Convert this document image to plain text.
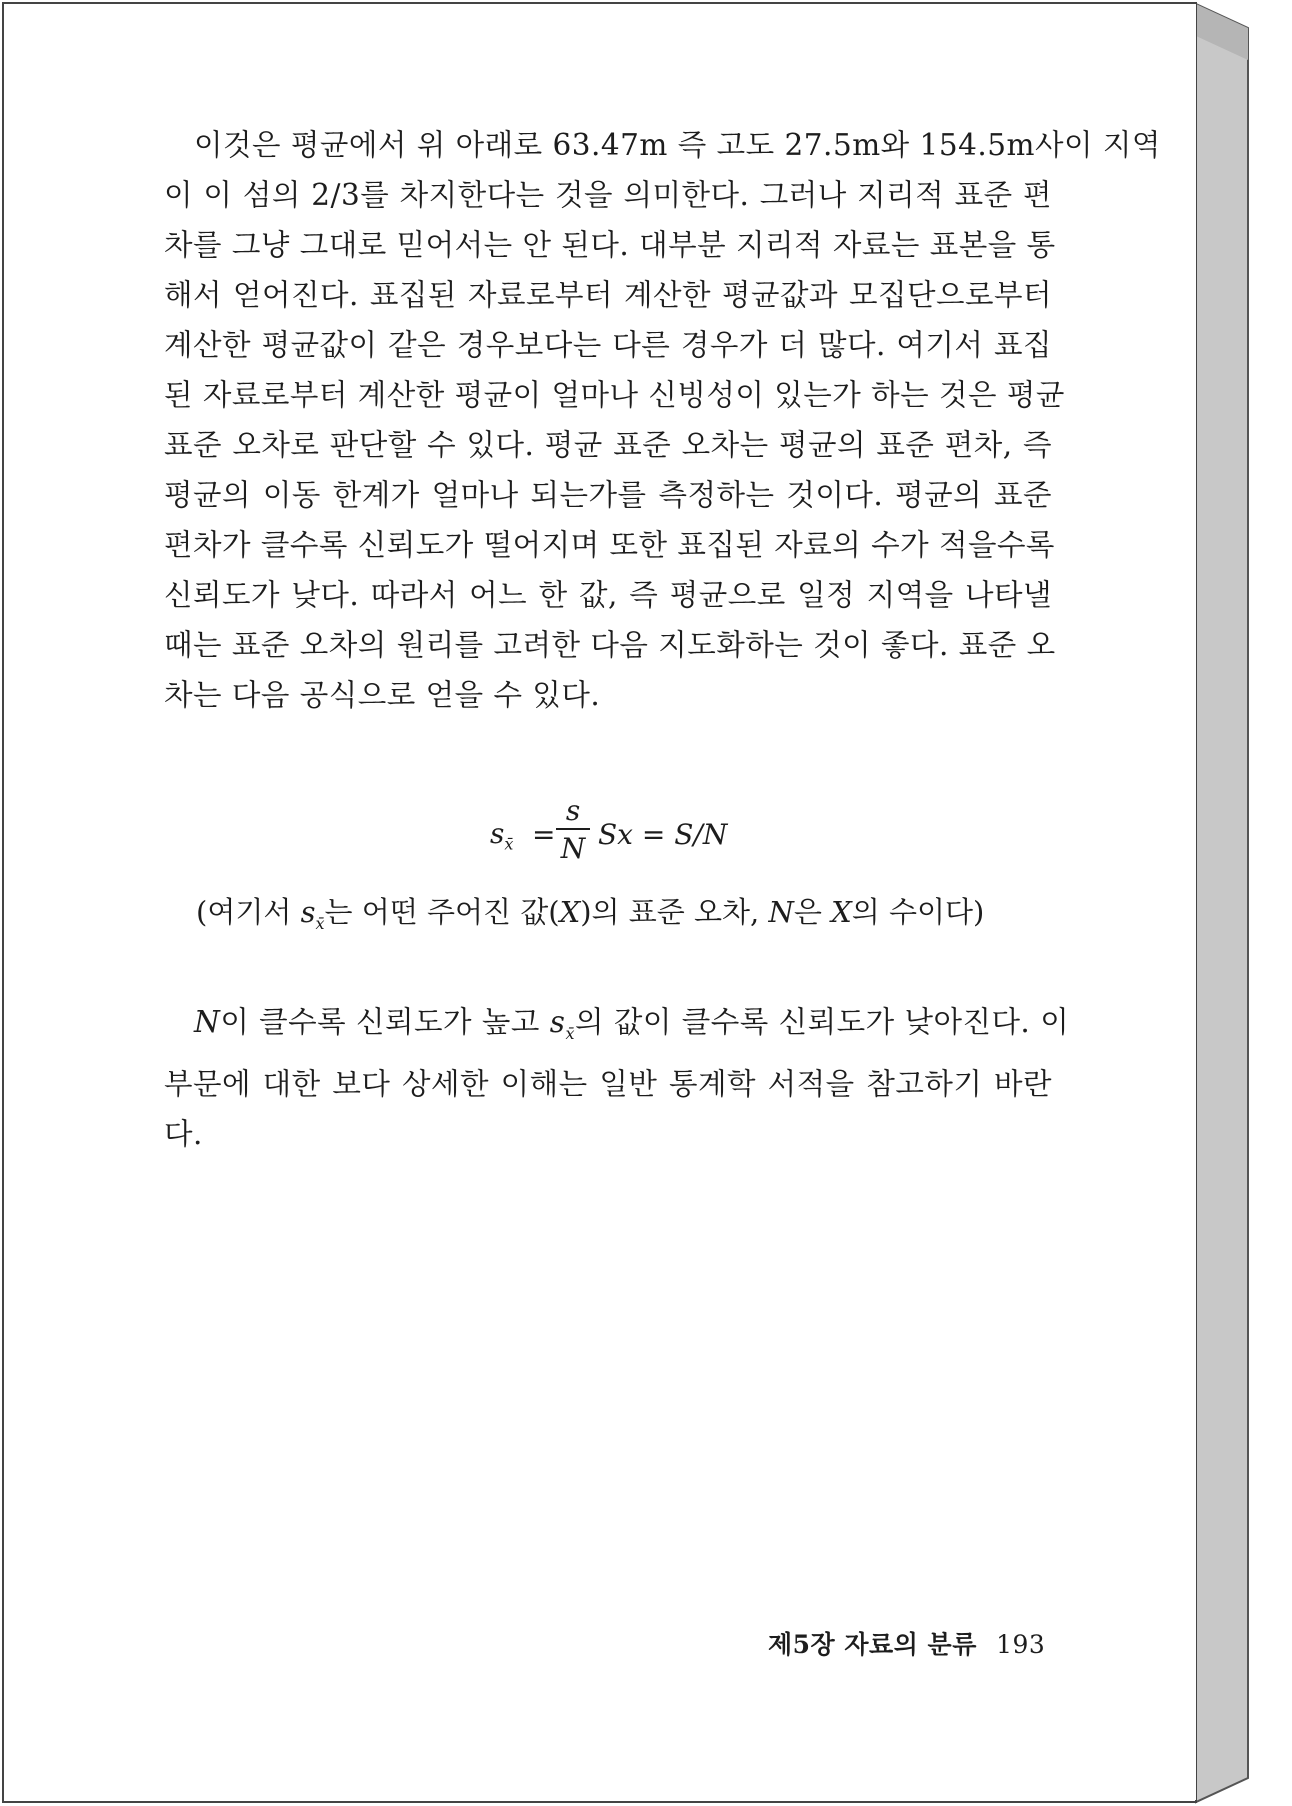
이것은 평균에서 위 아래로 63.47m 즉 고도 27.5m와 154.5m사이 지역
이 이 섬의 2/3를 차지한다는 것을 의미한다. 그러나 지리적 표준 편
차를 그냥 그대로 믿어서는 안 된다. 대부분 지리적 자료는 표본을 통
해서 얻어진다. 표집된 자료로부터 계산한 평균값과 모집단으로부터
계산한 평균값이 같은 경우보다는 다른 경우가 더 많다. 여기서 표집
된 자료로부터 계산한 평균이 얼마나 신빙성이 있는가 하는 것은 평균
표준 오차로 판단할 수 있다. 평균 표준 오차는 평균의 표준 편차, 즉
평균의 이동 한계가 얼마나 되는가를 측정하는 것이다. 평균의 표준
편차가 클수록 신뢰도가 떨어지며 또한 표집된 자료의 수가 적을수록
신뢰도가 낮다. 따라서 어느 한 값, 즉 평균으로 일정 지역을 나타낼
때는 표준 오차의 원리를 고려한 다음 지도화하는 것이 좋다. 표준 오
차는 다음 공식으로 얻을 수 있다.
$s_{x̄}$ =
s
N Sx = S/N
(여기서 $s_{x̄}$는 어떤 주어진 값(X)의 표준 오차, N은 X의 수이다)
N이 클수록 신뢰도가 높고 $s_{x̄}$의 값이 클수록 신뢰도가 낮아진다. 이
부문에 대한 보다 상세한 이해는 일반 통계학 서적을 참고하기 바란
다.
제5장 자료의 분류 193
